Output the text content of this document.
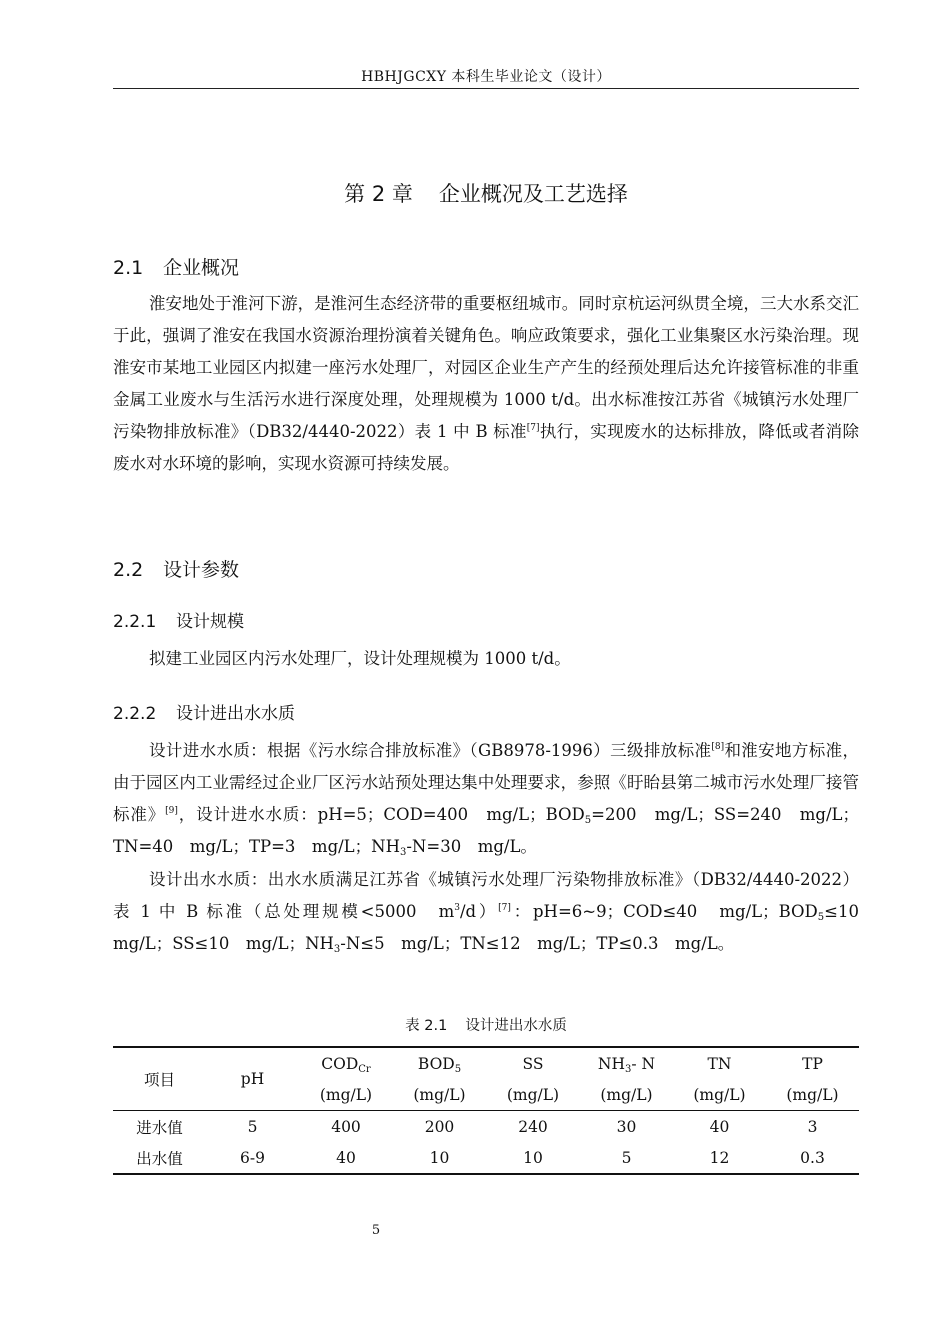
HBHJGCXY 本科生毕业论文（设计）
第 2 章 企业概况及工艺选择
2.1 企业概况
淮安地处于淮河下游，是淮河生态经济带的重要枢纽城市。同时京杭运河纵贯全境，三大水系交汇于此，强调了淮安在我国水资源治理扮演着关键角色。响应政策要求，强化工业集聚区水污染治理。现淮安市某地工业园区内拟建一座污水处理厂，对园区企业生产产生的经预处理后达允许接管标准的非重金属工业废水与生活污水进行深度处理，处理规模为 1000 t/d。出水标准按江苏省《城镇污水处理厂污染物排放标准》（DB32/4440-2022）表 1 中 B 标准[7]执行，实现废水的达标排放，降低或者消除废水对水环境的影响，实现水资源可持续发展。
2.2 设计参数
2.2.1 设计规模
拟建工业园区内污水处理厂，设计处理规模为 1000 t/d。
2.2.2 设计进出水水质
设计进水水质：根据《污水综合排放标准》（GB8978-1996）三级排放标准[8]和淮安地方标准，由于园区内工业需经过企业厂区污水站预处理达集中处理要求，参照《盱眙县第二城市污水处理厂接管标准》[9]，设计进水水质：pH=5；COD=400　mg/L；$BOD_5=200$　mg/L；SS=240　mg/L；TN=40　mg/L；TP=3　mg/L；$NH_3-N=30$　mg/L。
设计出水水质：出水水质满足江苏省《城镇污水处理厂污染物排放标准》（DB32/4440-2022）表 1 中 B 标准（总处理规模<5000　$m^3/d)[7]$：pH=6~9；COD≤40　mg/L；$BOD_5\le 10$　mg/L；SS≤10　mg/L；$NH_3-N\le 5$　mg/L；TN≤12　mg/L；TP≤0.3　mg/L。
表 2.1 设计进出水水质
项目	pH	$COD_{Cr}$	$BOD_5$	SS	$NH_3-$ N	TN	TP
		(mg/L)	(mg/L)	(mg/L)	(mg/L)	(mg/L)	(mg/L)
进水值	5	400	200	240	30	40	3
出水值	6-9	40	10	10	5	12	0.3
5
